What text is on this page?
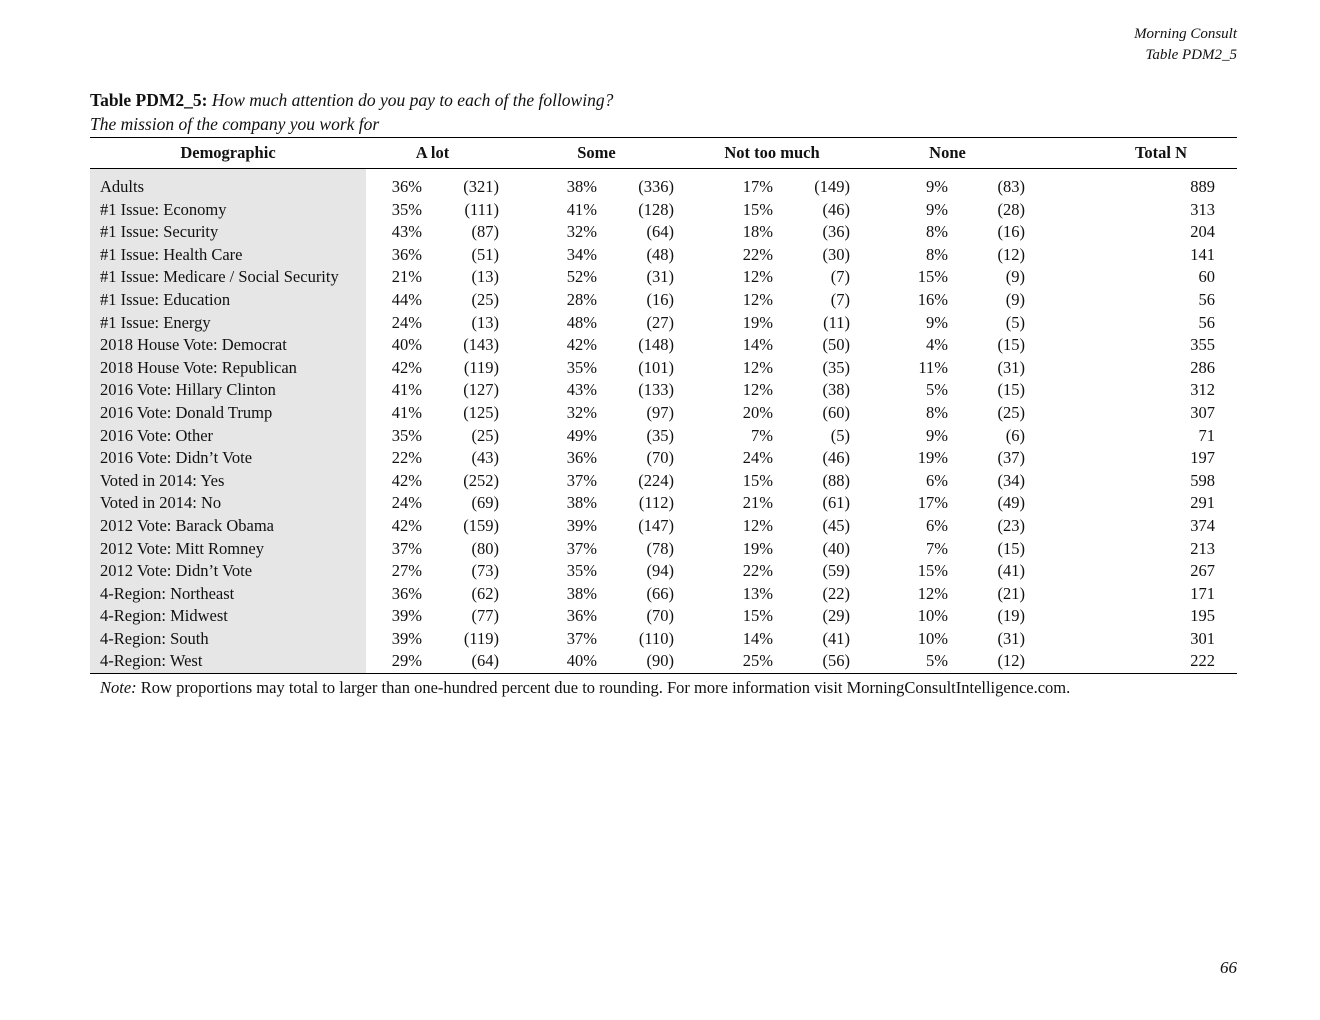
Morning Consult
Table PDM2_5
Table PDM2_5: How much attention do you pay to each of the following?
The mission of the company you work for
Demographic	A lot		Some		Not too much		None		Total N

Adults	36%	(321)	38%	(336)	17%	(149)	9%	(83)	889
#1 Issue: Economy	35%	(111)	41%	(128)	15%	(46)	9%	(28)	313
#1 Issue: Security	43%	(87)	32%	(64)	18%	(36)	8%	(16)	204
#1 Issue: Health Care	36%	(51)	34%	(48)	22%	(30)	8%	(12)	141
#1 Issue: Medicare / Social Security	21%	(13)	52%	(31)	12%	(7)	15%	(9)	60
#1 Issue: Education	44%	(25)	28%	(16)	12%	(7)	16%	(9)	56
#1 Issue: Energy	24%	(13)	48%	(27)	19%	(11)	9%	(5)	56
2018 House Vote: Democrat	40%	(143)	42%	(148)	14%	(50)	4%	(15)	355
2018 House Vote: Republican	42%	(119)	35%	(101)	12%	(35)	11%	(31)	286
2016 Vote: Hillary Clinton	41%	(127)	43%	(133)	12%	(38)	5%	(15)	312
2016 Vote: Donald Trump	41%	(125)	32%	(97)	20%	(60)	8%	(25)	307
2016 Vote: Other	35%	(25)	49%	(35)	7%	(5)	9%	(6)	71
2016 Vote: Didn’t Vote	22%	(43)	36%	(70)	24%	(46)	19%	(37)	197
Voted in 2014: Yes	42%	(252)	37%	(224)	15%	(88)	6%	(34)	598
Voted in 2014: No	24%	(69)	38%	(112)	21%	(61)	17%	(49)	291
2012 Vote: Barack Obama	42%	(159)	39%	(147)	12%	(45)	6%	(23)	374
2012 Vote: Mitt Romney	37%	(80)	37%	(78)	19%	(40)	7%	(15)	213
2012 Vote: Didn’t Vote	27%	(73)	35%	(94)	22%	(59)	15%	(41)	267
4-Region: Northeast	36%	(62)	38%	(66)	13%	(22)	12%	(21)	171
4-Region: Midwest	39%	(77)	36%	(70)	15%	(29)	10%	(19)	195
4-Region: South	39%	(119)	37%	(110)	14%	(41)	10%	(31)	301
4-Region: West	29%	(64)	40%	(90)	25%	(56)	5%	(12)	222
Note: Row proportions may total to larger than one-hundred percent due to rounding. For more information visit MorningConsultIntelligence.com.
66
